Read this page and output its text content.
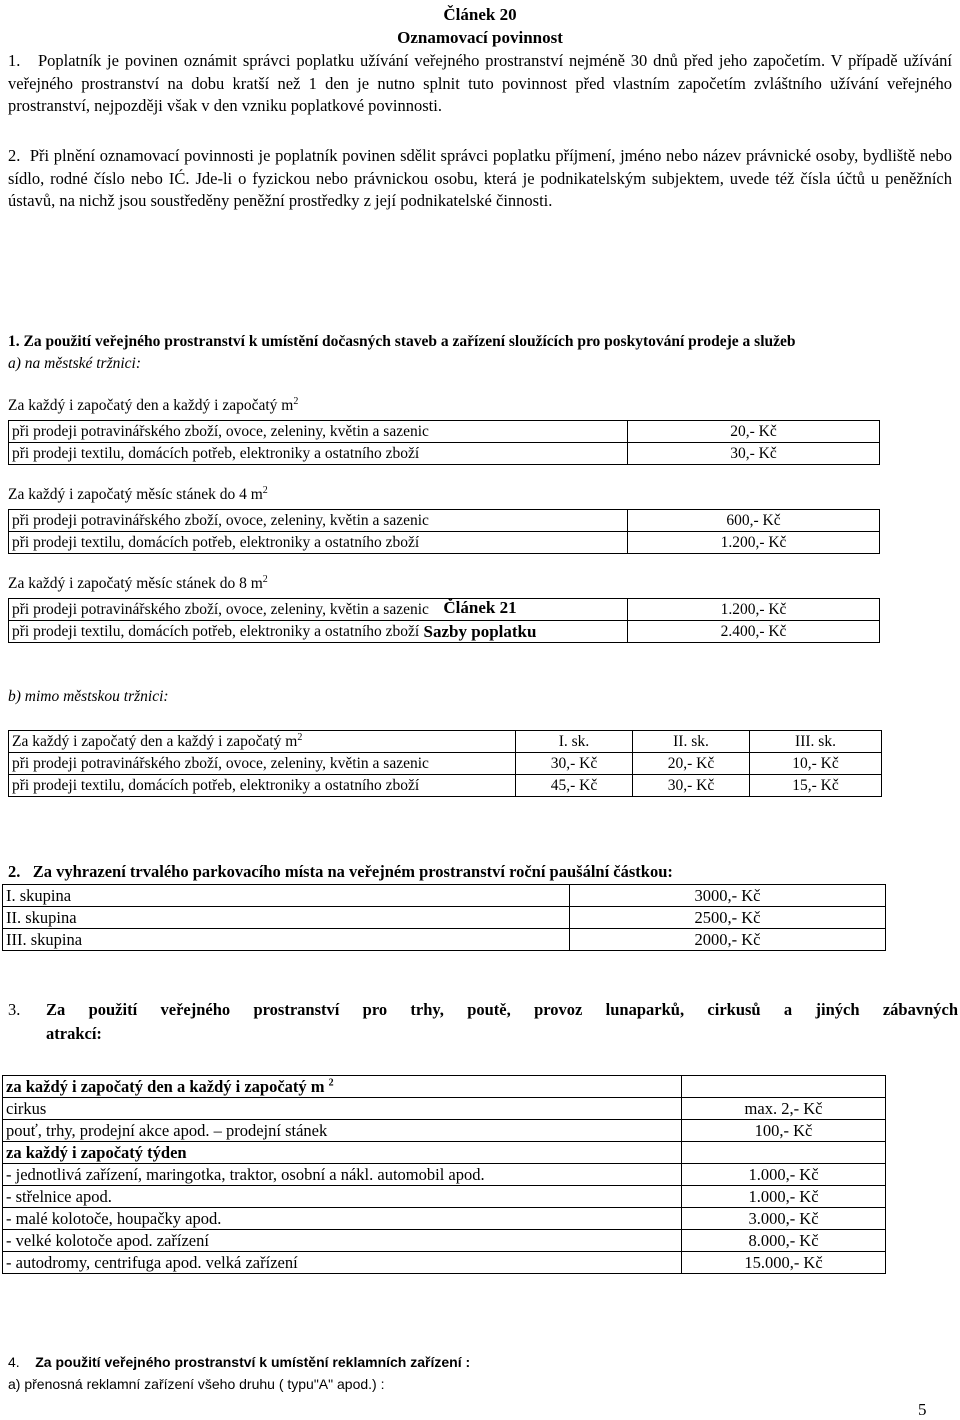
Článek 20
Oznamovací povinnost
1. Poplatník je povinen oznámit správci poplatku užívání veřejného prostranství nejméně 30 dnů před jeho započetím. V případě užívání veřejného prostranství na dobu kratší než 1 den je nutno splnit tuto povinnost před vlastním započetím zvláštního užívání veřejného prostranství, nejpozději však v den vzniku poplatkové povinnosti.
2. Při plnění oznamovací povinnosti je poplatník povinen sdělit správci poplatku příjmení, jméno nebo název právnické osoby, bydliště nebo sídlo, rodné číslo nebo IĆ. Jde-li o fyzickou nebo právnickou osobu, která je podnikatelským subjektem, uvede též čísla účtů u peněžních ústavů, na nichž jsou soustředěny peněžní prostředky z její podnikatelské činnosti.
Článek 21
Sazby poplatku
1. Za použití veřejného prostranství k umístění dočasných staveb a zařízení sloužících pro poskytování prodeje a služeb
a) na městské tržnici:
Za každý i započatý den a každý i započatý $m^2$
při prodeji potravinářského zboží, ovoce, zeleniny, květin a sazenic	20,- Kč
při prodeji textilu, domácích potřeb, elektroniky a ostatního zboží	30,- Kč
Za každý i započatý měsíc stánek do 4 $m^2$
při prodeji potravinářského zboží, ovoce, zeleniny, květin a sazenic	600,- Kč
při prodeji textilu, domácích potřeb, elektroniky a ostatního zboží	1.200,- Kč
Za každý i započatý měsíc stánek do 8 $m^2$
při prodeji potravinářského zboží, ovoce, zeleniny, květin a sazenic	1.200,- Kč
při prodeji textilu, domácích potřeb, elektroniky a ostatního zboží	2.400,- Kč
b) mimo městskou tržnici:
Za každý i započatý den a každý i započatý $m^2$	I. sk.	II. sk.	III. sk.
při prodeji potravinářského zboží, ovoce, zeleniny, květin a sazenic	30,- Kč	20,- Kč	10,- Kč
při prodeji textilu, domácích potřeb, elektroniky a ostatního zboží	45,- Kč	30,- Kč	15,- Kč
2. Za vyhrazení trvalého parkovacího místa na veřejném prostranství roční paušální částkou:
I. skupina	3000,- Kč
II. skupina	2500,- Kč
III. skupina	2000,- Kč
3. Za použití veřejného prostranství pro trhy, poutě, provoz lunaparků, cirkusů a jiných zábavných
atrakcí:
za každý i započatý den a každý i započatý m $^2$	
cirkus	max. 2,- Kč
pouť, trhy, prodejní akce apod. – prodejní stánek	100,- Kč
za každý i započatý týden	
- jednotlivá zařízení, maringotka, traktor, osobní a nákl. automobil apod.	1.000,- Kč
- střelnice apod.	1.000,- Kč
- malé kolotoče, houpačky apod.	3.000,- Kč
- velké kolotoče apod. zařízení	8.000,- Kč
- autodromy, centrifuga apod. velká zařízení	15.000,- Kč
4. Za použití veřejného prostranství k umístění reklamních zařízení :
a) přenosná reklamní zařízení všeho druhu ( typu"A" apod.) :
5
